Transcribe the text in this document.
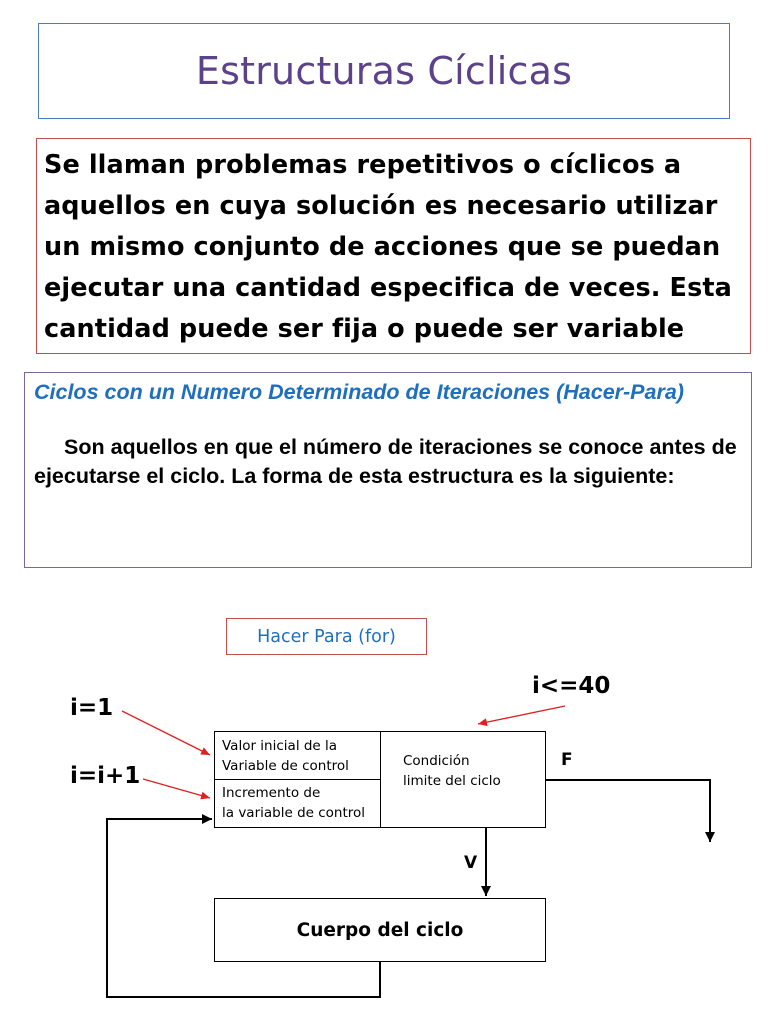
Estructuras Cíclicas
Se llaman problemas repetitivos o cíclicos a aquellos en cuya solución es necesario utilizar un mismo conjunto de acciones que se puedan ejecutar una cantidad especifica de veces. Esta cantidad puede ser fija o puede ser variable
Ciclos con un Numero Determinado de Iteraciones (Hacer-Para)
Son aquellos en que el número de iteraciones se conoce antes de ejecutarse el ciclo. La forma de esta estructura es la siguiente:
Hacer Para (for)
i=1
i=i+1
i<=40
F
V
Valor inicial de la
Variable de control
Incremento de
la variable de control
Condición
limite del ciclo
Cuerpo del ciclo
